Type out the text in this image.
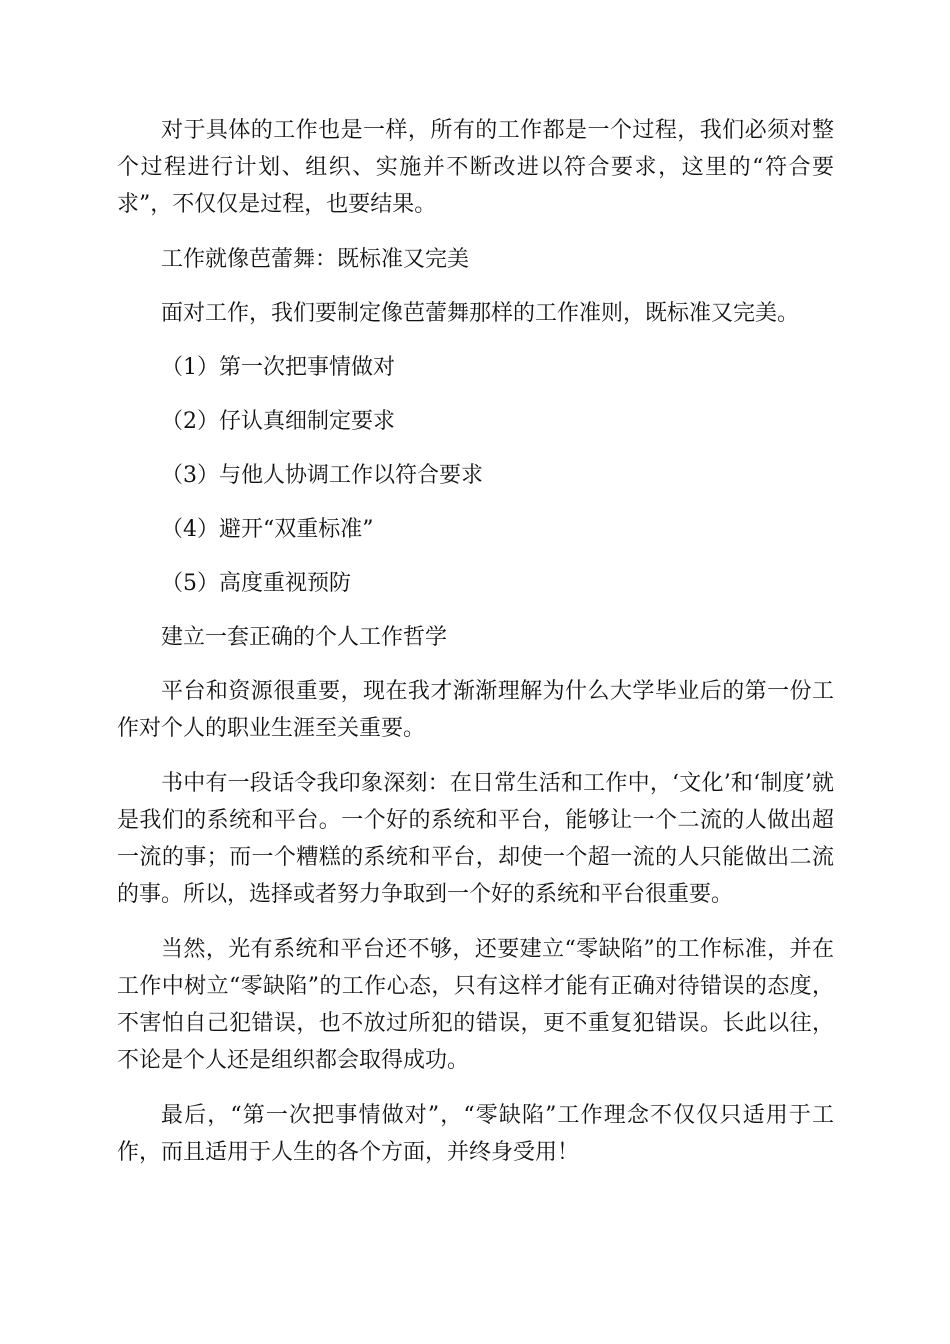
对于具体的工作也是一样，所有的工作都是一个过程，我们必须对整个过程进行计划、组织、实施并不断改进以符合要求，这里的“符合要求”，不仅仅是过程，也要结果。

工作就像芭蕾舞：既标准又完美

面对工作，我们要制定像芭蕾舞那样的工作准则，既标准又完美。

（1）第一次把事情做对

（2）仔认真细制定要求

（3）与他人协调工作以符合要求

（4）避开“双重标准”

（5）高度重视预防

建立一套正确的个人工作哲学

平台和资源很重要，现在我才渐渐理解为什么大学毕业后的第一份工作对个人的职业生涯至关重要。

书中有一段话令我印象深刻：在日常生活和工作中，‘文化’和‘制度’就是我们的系统和平台。一个好的系统和平台，能够让一个二流的人做出超一流的事；而一个糟糕的系统和平台，却使一个超一流的人只能做出二流的事。所以，选择或者努力争取到一个好的系统和平台很重要。

当然，光有系统和平台还不够，还要建立“零缺陷”的工作标准，并在工作中树立“零缺陷”的工作心态，只有这样才能有正确对待错误的态度，不害怕自己犯错误，也不放过所犯的错误，更不重复犯错误。长此以往，不论是个人还是组织都会取得成功。

最后，“第一次把事情做对”，“零缺陷”工作理念不仅仅只适用于工作，而且适用于人生的各个方面，并终身受用！
